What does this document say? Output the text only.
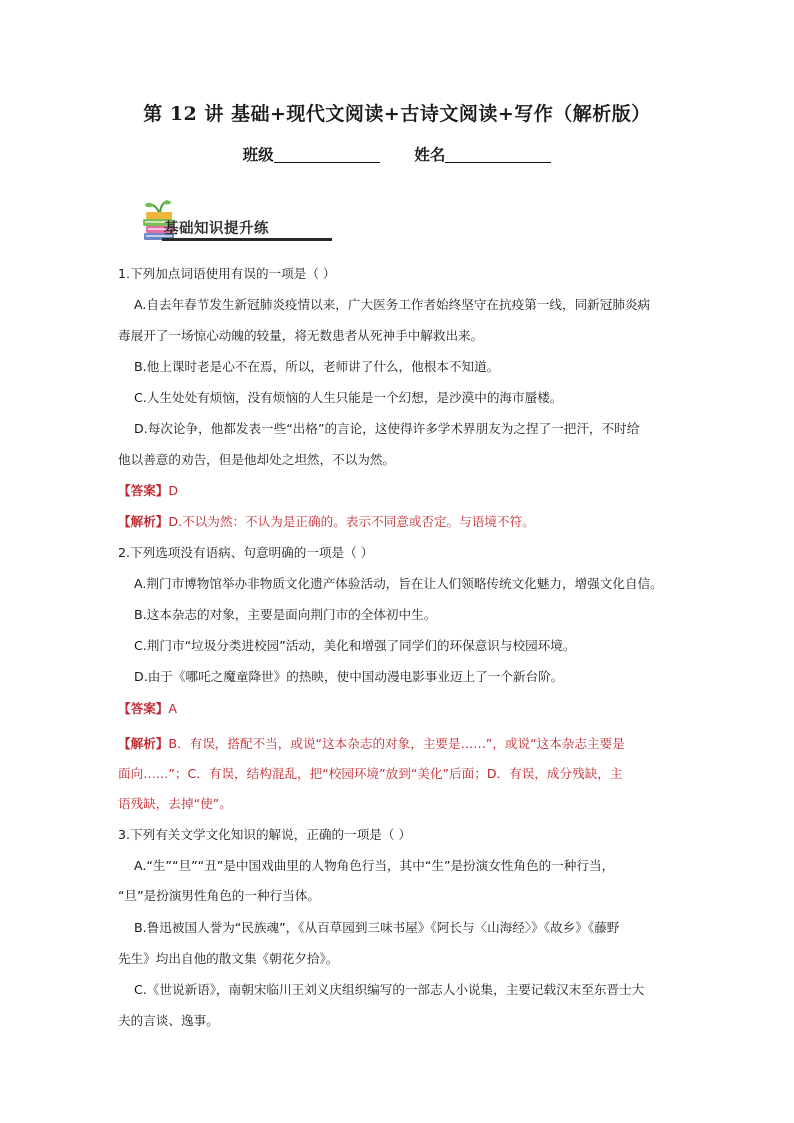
第 12 讲 基础+现代文阅读+古诗文阅读+写作（解析版）
班级	姓名
基础知识提升练
1.下列加点词语使用有误的一项是（ ）
A.自去年春节发生新冠肺炎疫情以来，广大医务工作者始终坚守在抗疫第一线，同新冠肺炎病
毒展开了一场惊心动魄的较量，将无数患者从死神手中解救出来。
B.他上课时老是心不在焉，所以，老师讲了什么，他根本不知道。
C.人生处处有烦恼，没有烦恼的人生只能是一个幻想，是沙漠中的海市蜃楼。
D.每次论争，他都发表一些“出格”的言论，这使得许多学术界朋友为之捏了一把汗，不时给
他以善意的劝告，但是他却处之坦然，不以为然。
【答案】D
【解析】D.不以为然：不认为是正确的。表示不同意或否定。与语境不符。
2.下列选项没有语病、句意明确的一项是（ ）
A.荆门市博物馆举办非物质文化遗产体验活动，旨在让人们领略传统文化魅力，增强文化自信。
B.这本杂志的对象，主要是面向荆门市的全体初中生。
C.荆门市“垃圾分类进校园”活动，美化和增强了同学们的环保意识与校园环境。
D.由于《哪吒之魔童降世》的热映，使中国动漫电影事业迈上了一个新台阶。
【答案】A
【解析】B．有误，搭配不当，或说“这本杂志的对象，主要是……”，或说“这本杂志主要是
面向……”；C．有误，结构混乱，把“校园环境”放到“美化”后面；D．有误，成分残缺，主
语残缺，去掉“使”。
3.下列有关文学文化知识的解说，正确的一项是（ ）
A.“生”“旦”“丑”是中国戏曲里的人物角色行当，其中“生”是扮演女性角色的一种行当，
“旦”是扮演男性角色的一种行当体。
B.鲁迅被国人誉为“民族魂”，《从百草园到三味书屋》《阿长与〈山海经〉》《故乡》《藤野
先生》均出自他的散文集《朝花夕拾》。
C.《世说新语》，南朝宋临川王刘义庆组织编写的一部志人小说集，主要记载汉末至东晋士大
夫的言谈、逸事。
